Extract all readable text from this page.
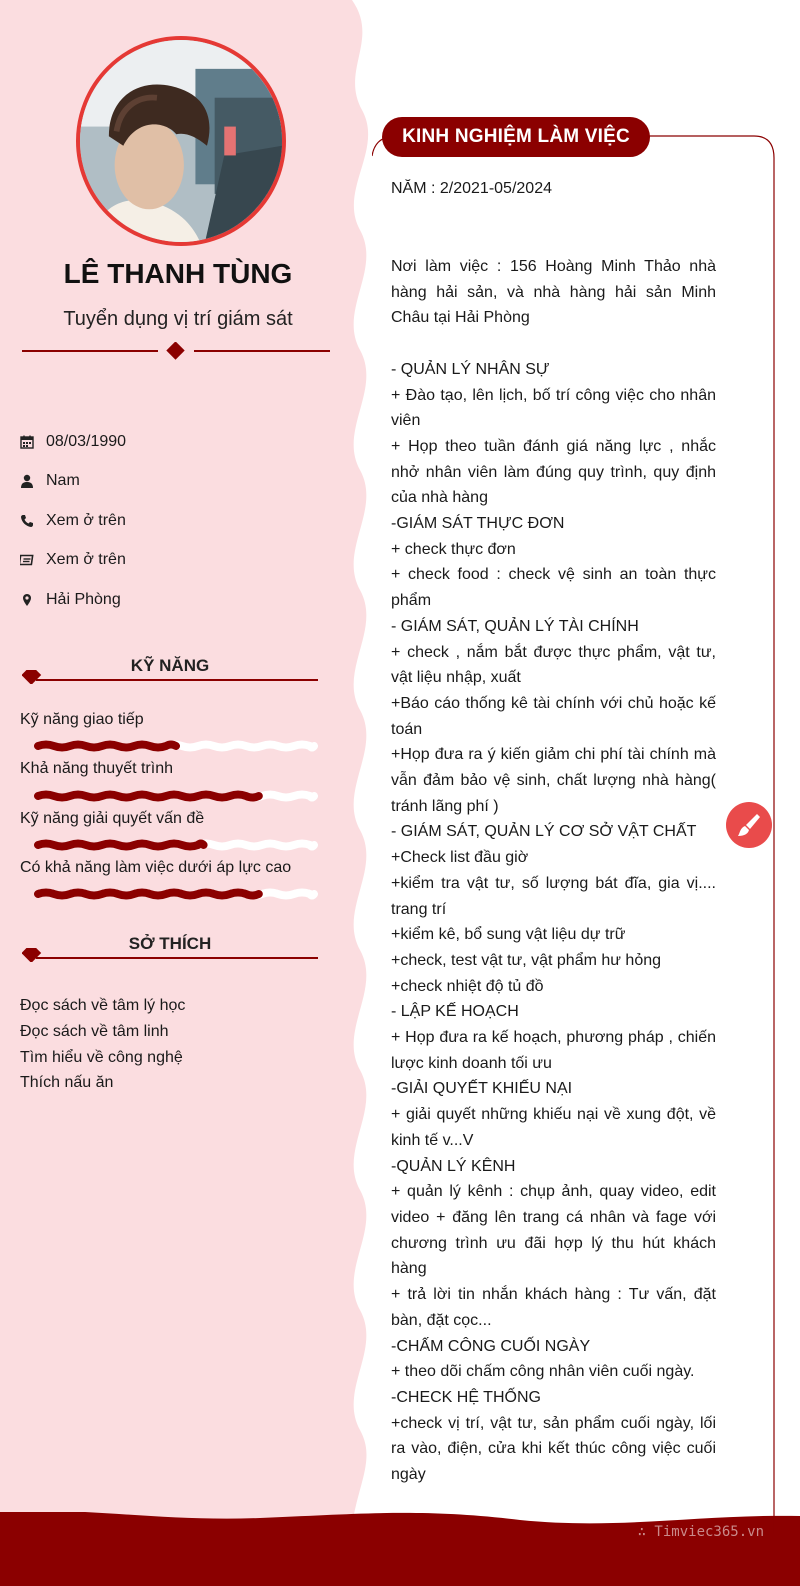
LÊ THANH TÙNG
Tuyển dụng vị trí giám sát
08/03/1990
Nam
Xem ở trên
Xem ở trên
Hải Phòng
KỸ NĂNG
Kỹ năng giao tiếp
Khả năng thuyết trình
Kỹ năng giải quyết vấn đề
Có khả năng làm việc dưới áp lực cao
SỞ THÍCH
Đọc sách về tâm lý học
Đọc sách về tâm linh
Tìm hiểu về công nghệ
Thích nấu ăn
KINH NGHIỆM LÀM VIỆC
NĂM : 2/2021-05/2024
Nơi làm việc : 156 Hoàng Minh Thảo nhà hàng hải sản, và nhà hàng hải sản Minh Châu tại Hải Phòng
- QUẢN LÝ NHÂN SỰ
+ Đào tạo, lên lịch, bố trí công việc cho nhân viên
+ Họp theo tuần đánh giá năng lực , nhắc nhở nhân viên làm đúng quy trình, quy định của nhà hàng
-GIÁM SÁT THỰC ĐƠN
+ check thực đơn
+ check food : check vệ sinh an toàn thực phẩm
- GIÁM SÁT, QUẢN LÝ TÀI CHÍNH
+ check , nắm bắt được thực phẩm, vật tư, vật liệu nhập, xuất
+Báo cáo thống kê tài chính với chủ hoặc kế toán
+Họp đưa ra ý kiến giảm chi phí tài chính mà vẫn đảm bảo vệ sinh, chất lượng nhà hàng( tránh lãng phí )
- GIÁM SÁT, QUẢN LÝ CƠ SỞ VẬT CHẤT
+Check list đầu giờ
+kiểm tra vật tư, số lượng bát đĩa, gia vị.... trang trí
+kiểm kê, bổ sung vật liệu dự trữ
+check, test vật tư, vật phẩm hư hỏng
+check nhiệt độ tủ đồ
- LẬP KẾ HOẠCH
+ Họp đưa ra kế hoạch, phương pháp , chiến lược kinh doanh tối ưu
-GIẢI QUYẾT KHIẾU NẠI
+ giải quyết những khiếu nại về xung đột, về kinh tế v...V
-QUẢN LÝ KÊNH
+ quản lý kênh : chụp ảnh, quay video, edit video + đăng lên trang cá nhân và fage với chương trình ưu đãi hợp lý thu hút khách hàng
+ trả lời tin nhắn khách hàng : Tư vấn, đặt bàn, đặt cọc...
-CHẤM CÔNG CUỐI NGÀY
+ theo dõi chấm công nhân viên cuối ngày.
-CHECK HỆ THỐNG
+check vị trí, vật tư, sản phẩm cuối ngày, lối ra vào, điện, cửa khi kết thúc công việc cuối ngày
∴ Timviec365.vn
